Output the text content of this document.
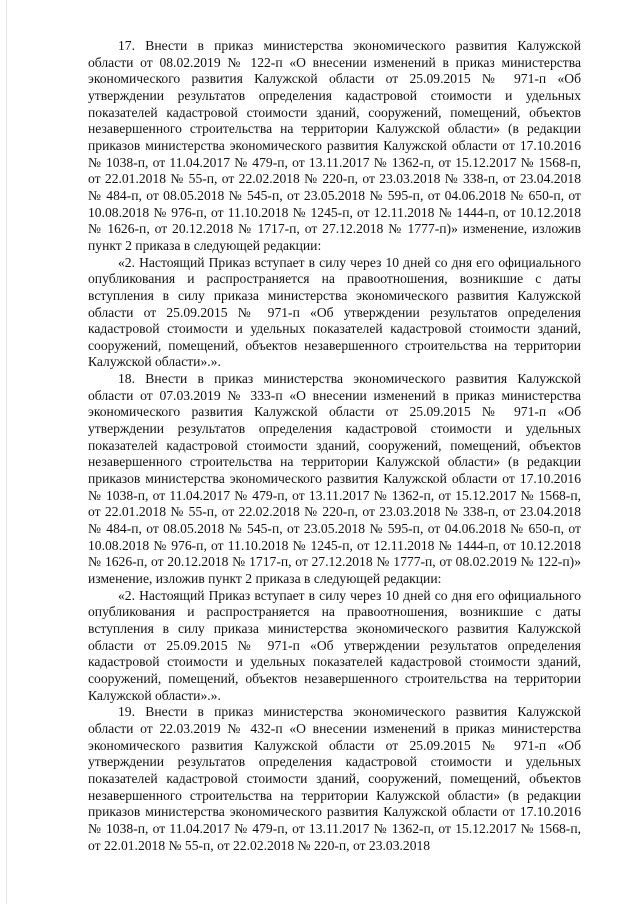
17. Внести в приказ министерства экономического развития Калужской области от 08.02.2019 № 122-п «О внесении изменений в приказ министерства экономического развития Калужской области от 25.09.2015 № 971-п «Об утверждении результатов определения кадастровой стоимости и удельных показателей кадастровой стоимости зданий, сооружений, помещений, объектов незавершенного строительства на территории Калужской области» (в редакции приказов министерства экономического развития Калужской области от 17.10.2016 № 1038-п, от 11.04.2017 № 479-п, от 13.11.2017 № 1362-п, от 15.12.2017 № 1568-п, от 22.01.2018 № 55-п, от 22.02.2018 № 220-п, от 23.03.2018 № 338-п, от 23.04.2018 № 484-п, от 08.05.2018 № 545-п, от 23.05.2018 № 595-п, от 04.06.2018 № 650-п, от 10.08.2018 № 976-п, от 11.10.2018 № 1245-п, от 12.11.2018 № 1444-п, от 10.12.2018 № 1626-п, от 20.12.2018 № 1717-п, от 27.12.2018 № 1777-п)» изменение, изложив пункт 2 приказа в следующей редакции:

«2. Настоящий Приказ вступает в силу через 10 дней со дня его официального опубликования и распространяется на правоотношения, возникшие с даты вступления в силу приказа министерства экономического развития Калужской области от 25.09.2015 № 971-п «Об утверждении результатов определения кадастровой стоимости и удельных показателей кадастровой стоимости зданий, сооружений, помещений, объектов незавершенного строительства на территории Калужской области».».

18. Внести в приказ министерства экономического развития Калужской области от 07.03.2019 № 333-п «О внесении изменений в приказ министерства экономического развития Калужской области от 25.09.2015 № 971-п «Об утверждении результатов определения кадастровой стоимости и удельных показателей кадастровой стоимости зданий, сооружений, помещений, объектов незавершенного строительства на территории Калужской области» (в редакции приказов министерства экономического развития Калужской области от 17.10.2016 № 1038-п, от 11.04.2017 № 479-п, от 13.11.2017 № 1362-п, от 15.12.2017 № 1568-п, от 22.01.2018 № 55-п, от 22.02.2018 № 220-п, от 23.03.2018 № 338-п, от 23.04.2018 № 484-п, от 08.05.2018 № 545-п, от 23.05.2018 № 595-п, от 04.06.2018 № 650-п, от 10.08.2018 № 976-п, от 11.10.2018 № 1245-п, от 12.11.2018 № 1444-п, от 10.12.2018 № 1626-п, от 20.12.2018 № 1717-п, от 27.12.2018 № 1777-п, от 08.02.2019 № 122-п)» изменение, изложив пункт 2 приказа в следующей редакции:

«2. Настоящий Приказ вступает в силу через 10 дней со дня его официального опубликования и распространяется на правоотношения, возникшие с даты вступления в силу приказа министерства экономического развития Калужской области от 25.09.2015 № 971-п «Об утверждении результатов определения кадастровой стоимости и удельных показателей кадастровой стоимости зданий, сооружений, помещений, объектов незавершенного строительства на территории Калужской области».».

19. Внести в приказ министерства экономического развития Калужской области от 22.03.2019 № 432-п «О внесении изменений в приказ министерства экономического развития Калужской области от 25.09.2015 № 971-п «Об утверждении результатов определения кадастровой стоимости и удельных показателей кадастровой стоимости зданий, сооружений, помещений, объектов незавершенного строительства на территории Калужской области» (в редакции приказов министерства экономического развития Калужской области от 17.10.2016 № 1038-п, от 11.04.2017 № 479-п, от 13.11.2017 № 1362-п, от 15.12.2017 № 1568-п, от 22.01.2018 № 55-п, от 22.02.2018 № 220-п, от 23.03.2018
